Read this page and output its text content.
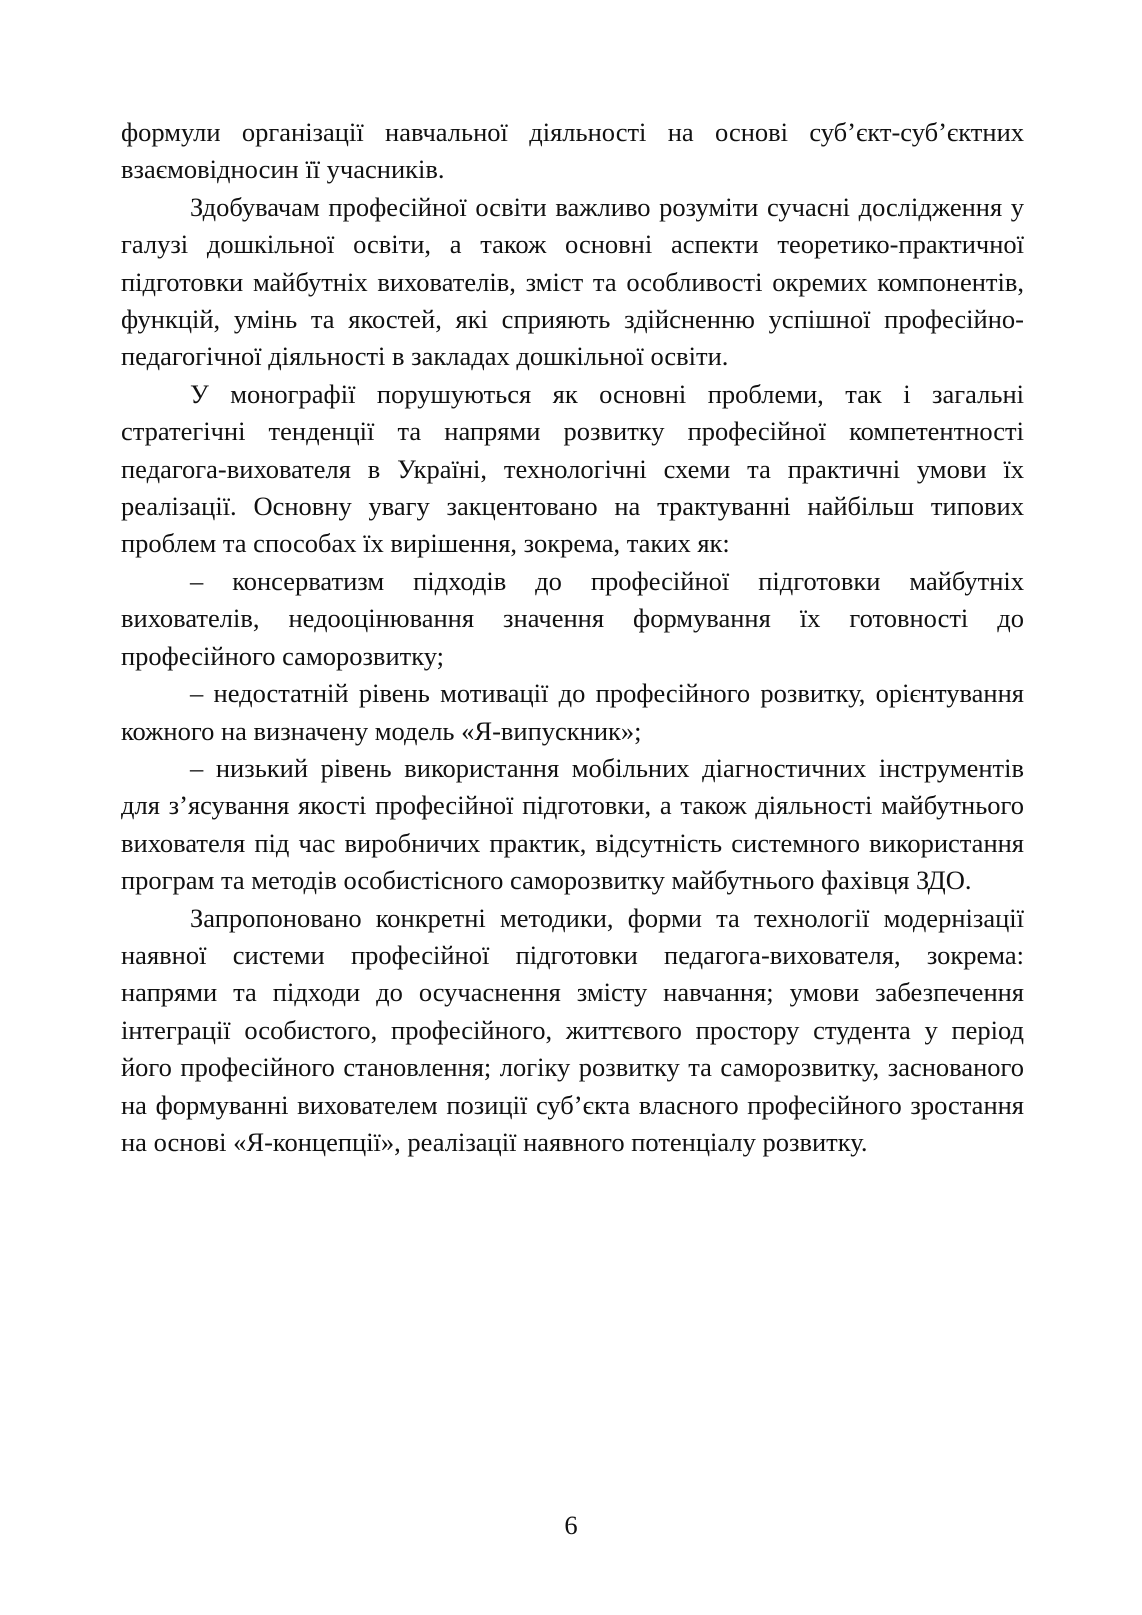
формули організації навчальної діяльності на основі суб’єкт-суб’єктних взаємовідносин її учасників.

Здобувачам професійної освіти важливо розуміти сучасні дослідження у галузі дошкільної освіти, а також основні аспекти теоретико-практичної підготовки майбутніх вихователів, зміст та особливості окремих компонентів, функцій, умінь та якостей, які сприяють здійсненню успішної професійно-педагогічної діяльності в закладах дошкільної освіти.

У монографії порушуються як основні проблеми, так і загальні стратегічні тенденції та напрями розвитку професійної компетентності педагога-вихователя в Україні, технологічні схеми та практичні умови їх реалізації. Основну увагу закцентовано на трактуванні найбільш типових проблем та способах їх вирішення, зокрема, таких як:

– консерватизм підходів до професійної підготовки майбутніх вихователів, недооцінювання значення формування їх готовності до професійного саморозвитку;

– недостатній рівень мотивації до професійного розвитку, орієнтування кожного на визначену модель «Я-випускник»;

– низький рівень використання мобільних діагностичних інструментів для з’ясування якості професійної підготовки, а також діяльності майбутнього вихователя під час виробничих практик, відсутність системного використання програм та методів особистісного саморозвитку майбутнього фахівця ЗДО.

Запропоновано конкретні методики, форми та технології модернізації наявної системи професійної підготовки педагога-вихователя, зокрема: напрями та підходи до осучаснення змісту навчання; умови забезпечення інтеграції особистого, професійного, життєвого простору студента у період його професійного становлення; логіку розвитку та саморозвитку, заснованого на формуванні вихователем позиції суб’єкта власного професійного зростання на основі «Я-концепції», реалізації наявного потенціалу розвитку.

6
